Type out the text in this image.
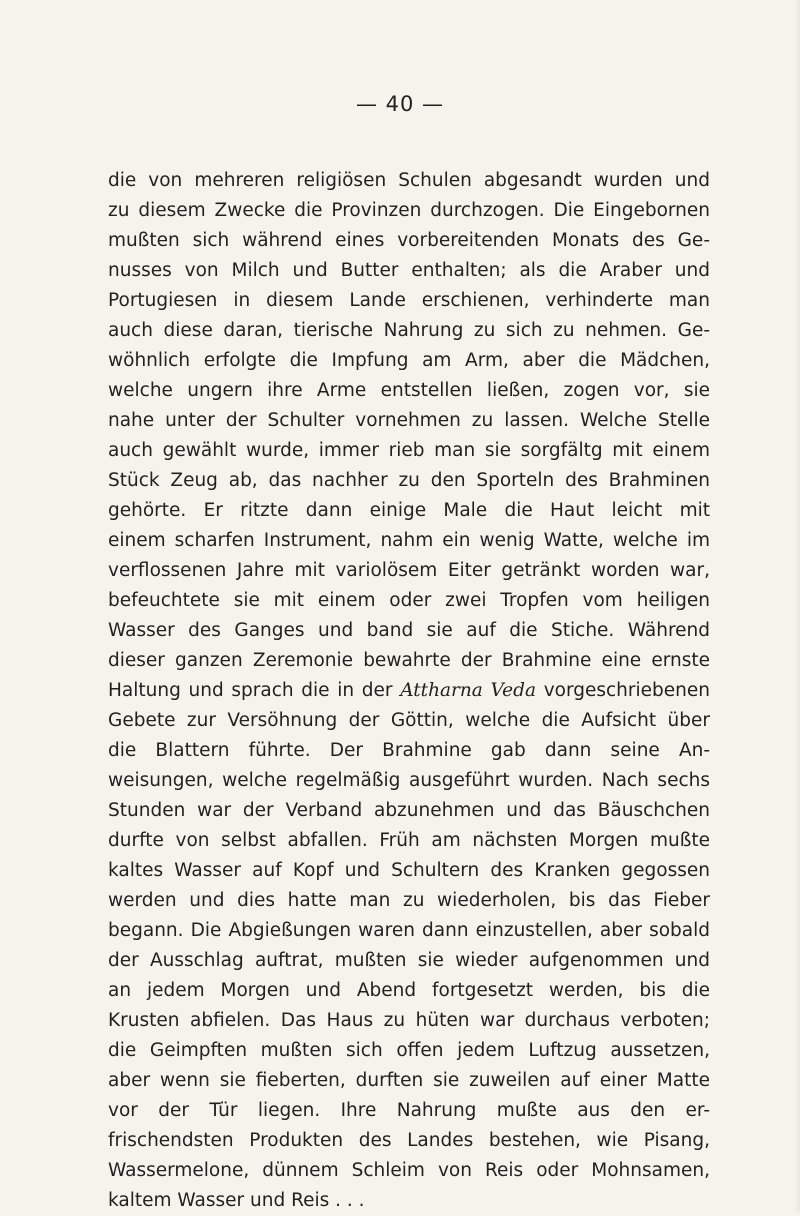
— 40 —
die von mehreren religiösen Schulen abgesandt wurden und
zu diesem Zwecke die Provinzen durchzogen. Die Eingebornen
mußten sich während eines vorbereitenden Monats des Ge-
nusses von Milch und Butter enthalten; als die Araber und
Portugiesen in diesem Lande erschienen, verhinderte man
auch diese daran, tierische Nahrung zu sich zu nehmen. Ge-
wöhnlich erfolgte die Impfung am Arm, aber die Mädchen,
welche ungern ihre Arme entstellen ließen, zogen vor, sie
nahe unter der Schulter vornehmen zu lassen. Welche Stelle
auch gewählt wurde, immer rieb man sie sorgfältg mit einem
Stück Zeug ab, das nachher zu den Sporteln des Brahminen
gehörte. Er ritzte dann einige Male die Haut leicht mit
einem scharfen Instrument, nahm ein wenig Watte, welche im
verflossenen Jahre mit variolösem Eiter getränkt worden war,
befeuchtete sie mit einem oder zwei Tropfen vom heiligen
Wasser des Ganges und band sie auf die Stiche. Während
dieser ganzen Zeremonie bewahrte der Brahmine eine ernste
Haltung und sprach die in der Attharna Veda vorgeschriebenen
Gebete zur Versöhnung der Göttin, welche die Aufsicht über
die Blattern führte. Der Brahmine gab dann seine An-
weisungen, welche regelmäßig ausgeführt wurden. Nach sechs
Stunden war der Verband abzunehmen und das Bäuschchen
durfte von selbst abfallen. Früh am nächsten Morgen mußte
kaltes Wasser auf Kopf und Schultern des Kranken gegossen
werden und dies hatte man zu wiederholen, bis das Fieber
begann. Die Abgießungen waren dann einzustellen, aber sobald
der Ausschlag auftrat, mußten sie wieder aufgenommen und
an jedem Morgen und Abend fortgesetzt werden, bis die
Krusten abfielen. Das Haus zu hüten war durchaus verboten;
die Geimpften mußten sich offen jedem Luftzug aussetzen,
aber wenn sie fieberten, durften sie zuweilen auf einer Matte
vor der Tür liegen. Ihre Nahrung mußte aus den er-
frischendsten Produkten des Landes bestehen, wie Pisang,
Wassermelone, dünnem Schleim von Reis oder Mohnsamen,
kaltem Wasser und Reis . . .
